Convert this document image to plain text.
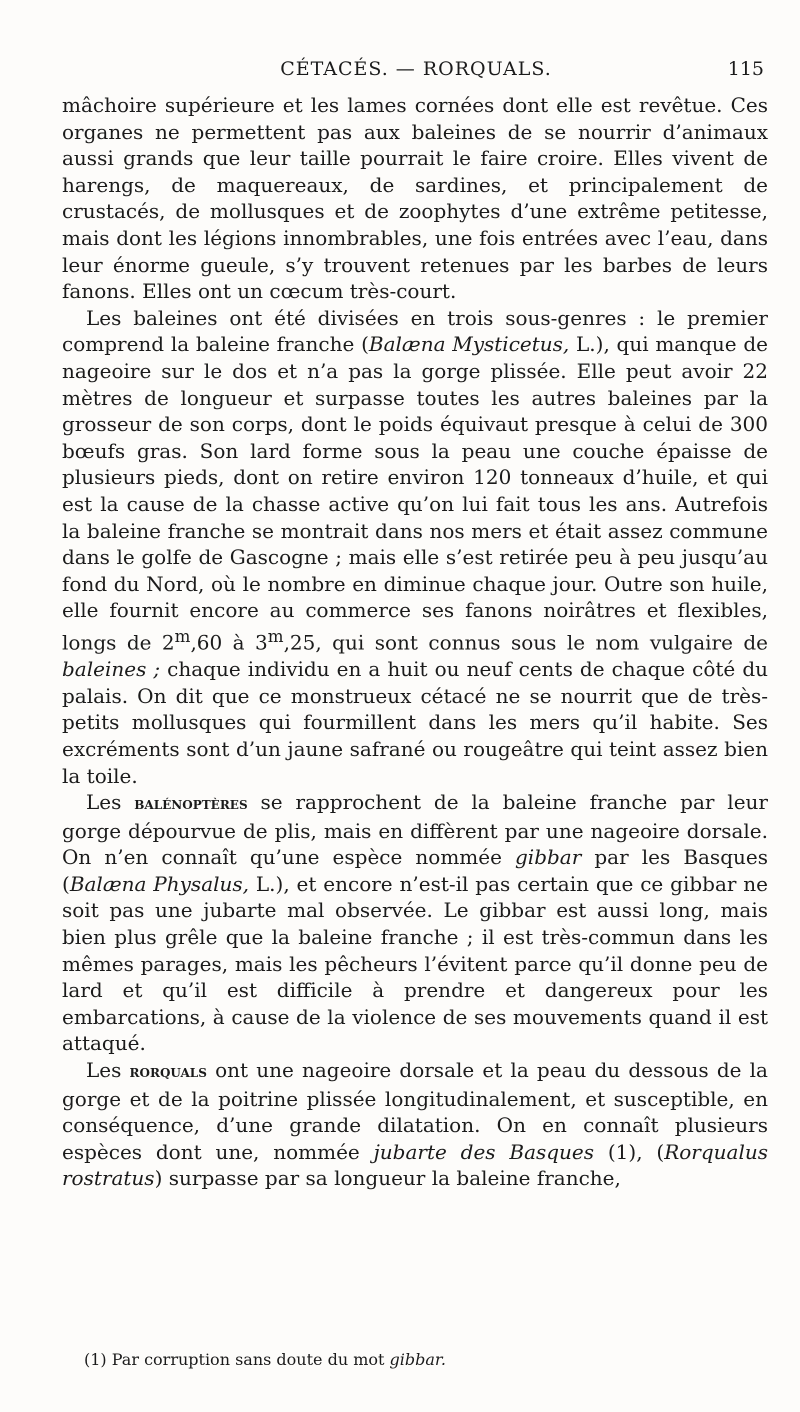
CÉTACÉS. — RORQUALS.	115

mâchoire supérieure et les lames cornées dont elle est revêtue. Ces organes ne permettent pas aux baleines de se nourrir d’animaux aussi grands que leur taille pourrait le faire croire. Elles vivent de harengs, de maquereaux, de sardines, et principalement de crustacés, de mollusques et de zoophytes d’une extrême petitesse, mais dont les légions innombrables, une fois entrées avec l’eau, dans leur énorme gueule, s’y trouvent retenues par les barbes de leurs fanons. Elles ont un cœcum très-court.

Les baleines ont été divisées en trois sous-genres : le premier comprend la baleine franche (Balæna Mysticetus, L.), qui manque de nageoire sur le dos et n’a pas la gorge plissée. Elle peut avoir 22 mètres de longueur et surpasse toutes les autres baleines par la grosseur de son corps, dont le poids équivaut presque à celui de 300 bœufs gras. Son lard forme sous la peau une couche épaisse de plusieurs pieds, dont on retire environ 120 tonneaux d’huile, et qui est la cause de la chasse active qu’on lui fait tous les ans. Autrefois la baleine franche se montrait dans nos mers et était assez commune dans le golfe de Gascogne ; mais elle s’est retirée peu à peu jusqu’au fond du Nord, où le nombre en diminue chaque jour. Outre son huile, elle fournit encore au commerce ses fanons noirâtres et flexibles, longs de 2$^m$,60 à 3$^m$,25, qui sont connus sous le nom vulgaire de baleines ; chaque individu en a huit ou neuf cents de chaque côté du palais. On dit que ce monstrueux cétacé ne se nourrit que de très-petits mollusques qui fourmillent dans les mers qu’il habite. Ses excréments sont d’un jaune safrané ou rougeâtre qui teint assez bien la toile.

Les balénoptères se rapprochent de la baleine franche par leur gorge dépourvue de plis, mais en diffèrent par une nageoire dorsale. On n’en connaît qu’une espèce nommée gibbar par les Basques (Balæna Physalus, L.), et encore n’est-il pas certain que ce gibbar ne soit pas une jubarte mal observée. Le gibbar est aussi long, mais bien plus grêle que la baleine franche ; il est très-commun dans les mêmes parages, mais les pêcheurs l’évitent parce qu’il donne peu de lard et qu’il est difficile à prendre et dangereux pour les embarcations, à cause de la violence de ses mouvements quand il est attaqué.

Les rorquals ont une nageoire dorsale et la peau du dessous de la gorge et de la poitrine plissée longitudinalement, et susceptible, en conséquence, d’une grande dilatation. On en connaît plusieurs espèces dont une, nommée jubarte des Basques (1), (Rorqualus rostratus) surpasse par sa longueur la baleine franche,

(1) Par corruption sans doute du mot gibbar.
